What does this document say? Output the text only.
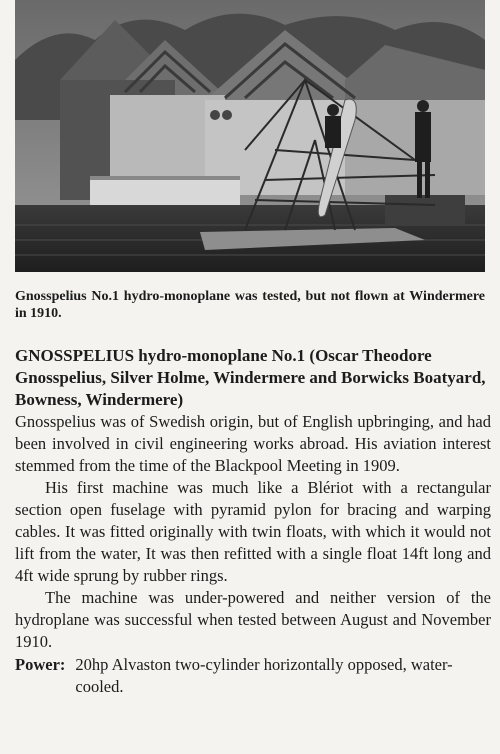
Gnosspelius No.1 hydro-monoplane was tested, but not flown at Windermere in 1910.
GNOSSPELIUS hydro-monoplane No.1 (Oscar Theodore Gnosspelius, Silver Holme, Windermere and Borwicks Boatyard, Bowness, Windermere)

Gnosspelius was of Swedish origin, but of English upbringing, and had been involved in civil engineering works abroad. His aviation interest stemmed from the time of the Blackpool Meeting in 1909.

His first machine was much like a Blériot with a rectangular section open fuselage with pyramid pylon for bracing and warping cables. It was fitted originally with twin floats, with which it would not lift from the water, It was then refitted with a single float 14ft long and 4ft wide sprung by rubber rings.

The machine was under-powered and neither version of the hydroplane was successful when tested between August and November 1910.

Power: 20hp Alvaston two-cylinder horizontally opposed, water-cooled.
